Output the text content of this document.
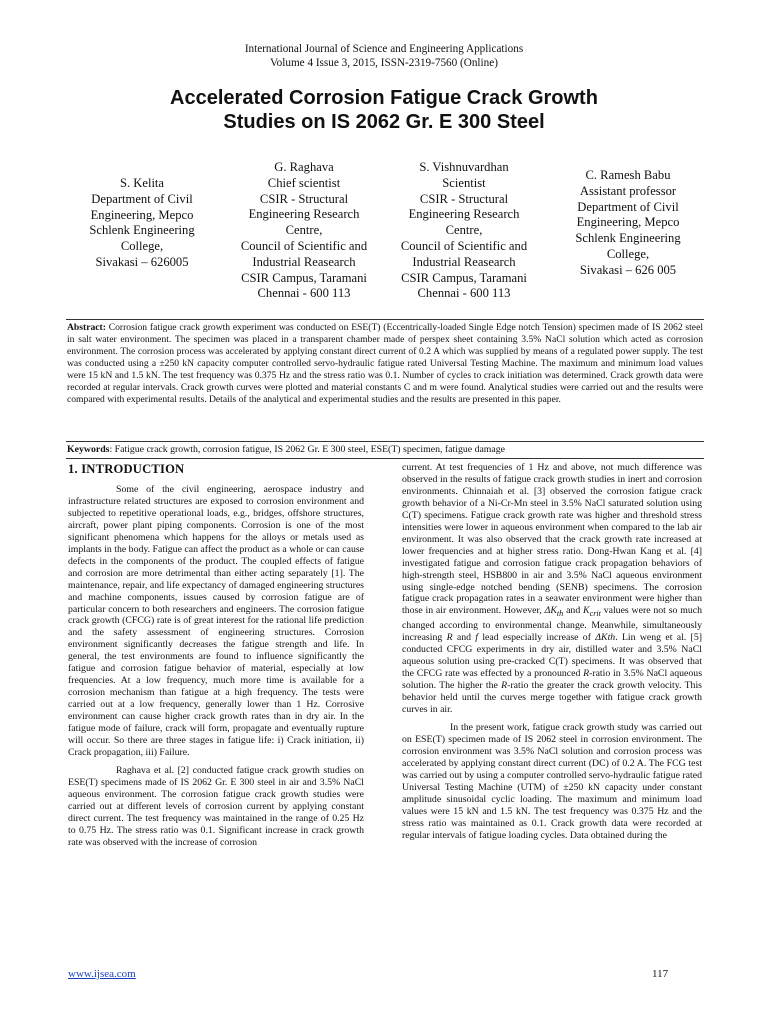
International Journal of Science and Engineering Applications
Volume 4 Issue 3, 2015, ISSN-2319-7560 (Online)
Accelerated Corrosion Fatigue Crack Growth
Studies on IS 2062 Gr. E 300 Steel
S. Kelita
Department of Civil
Engineering, Mepco
Schlenk Engineering
College,
Sivakasi – 626005
G. Raghava
Chief scientist
CSIR - Structural
Engineering Research
Centre,
Council of Scientific and
Industrial Reasearch
CSIR Campus, Taramani
Chennai - 600 113
S. Vishnuvardhan
Scientist
CSIR - Structural
Engineering Research
Centre,
Council of Scientific and
Industrial Reasearch
CSIR Campus, Taramani
Chennai - 600 113
C. Ramesh Babu
Assistant professor
Department of Civil
Engineering, Mepco
Schlenk Engineering
College,
Sivakasi – 626 005
Abstract: Corrosion fatigue crack growth experiment was conducted on ESE(T) (Eccentrically-loaded Single Edge notch Tension) specimen made of IS 2062 steel in salt water environment. The specimen was placed in a transparent chamber made of perspex sheet containing 3.5% NaCl solution which acted as corrosion environment. The corrosion process was accelerated by applying constant direct current of 0.2 A which was supplied by means of a regulated power supply. The test was conducted using a ±250 kN capacity computer controlled servo-hydraulic fatigue rated Universal Testing Machine. The maximum and minimum load values were 15 kN and 1.5 kN. The test frequency was 0.375 Hz and the stress ratio was 0.1. Number of cycles to crack initiation was determined. Crack growth data were recorded at regular intervals. Crack growth curves were plotted and material constants C and m were found. Analytical studies were carried out and the results were compared with experimental results. Details of the analytical and experimental studies and the results are presented in this paper.
Keywords: Fatigue crack growth, corrosion fatigue, IS 2062 Gr. E 300 steel, ESE(T) specimen, fatigue damage
1. INTRODUCTION

Some of the civil engineering, aerospace industry and infrastructure related structures are exposed to corrosion environment and subjected to repetitive operational loads, e.g., bridges, offshore structures, aircraft, power plant piping components. Corrosion is one of the most significant phenomena which happens for the alloys or metals used as implants in the body. Fatigue can affect the product as a whole or can cause defects in the components of the product. The coupled effects of fatigue and corrosion are more detrimental than either acting separately [1]. The maintenance, repair, and life expectancy of damaged engineering structures and machine components, issues caused by corrosion fatigue are of particular concern to both researchers and engineers. The corrosion fatigue crack growth (CFCG) rate is of great interest for the rational life prediction and the safety assessment of engineering structures. Corrosion environment significantly decreases the fatigue strength and life. In general, the test environments are found to influence significantly the fatigue and corrosion fatigue behavior of material, especially at low frequencies. At a low frequency, much more time is available for a corrosion mechanism than fatigue at a high frequency. The tests were carried out at a low frequency, generally lower than 1 Hz. Corrosive environment can cause higher crack growth rates than in dry air. In the fatigue mode of failure, crack will form, propagate and eventually rupture will occur. So there are three stages in fatigue life: i) Crack initiation, ii) Crack propagation, iii) Failure.

Raghava et al. [2] conducted fatigue crack growth studies on ESE(T) specimens made of IS 2062 Gr. E 300 steel in air and 3.5% NaCl aqueous environment. The corrosion fatigue crack growth studies were carried out at different levels of corrosion current by applying constant direct current. The test frequency was maintained in the range of 0.25 Hz to 0.75 Hz. The stress ratio was 0.1. Significant increase in crack growth rate was observed with the increase of corrosion

current. At test frequencies of 1 Hz and above, not much difference was observed in the results of fatigue crack growth studies in inert and corrosion environments. Chinnaiah et al. [3] observed the corrosion fatigue crack growth behavior of a Ni-Cr-Mn steel in 3.5% NaCl saturated solution using C(T) specimens. Fatigue crack growth rate was higher and threshold stress intensities were lower in aqueous environment when compared to the lab air environment. It was also observed that the crack growth rate increased at lower frequencies and at higher stress ratio. Dong-Hwan Kang et al. [4] investigated fatigue and corrosion fatigue crack propagation behaviors of high-strength steel, HSB800 in air and 3.5% NaCl aqueous environment using single-edge notched bending (SENB) specimens. The corrosion fatigue crack propagation rates in a seawater environment were higher than those in air environment. However, $\Delta K_{th}$ and $K_{crit}$ values were not so much changed according to environmental change. Meanwhile, simultaneously increasing R and f lead especially increase of ΔKth. Lin weng et al. [5] conducted CFCG experiments in dry air, distilled water and 3.5% NaCl aqueous solution using pre-cracked C(T) specimens. It was observed that the CFCG rate was effected by a pronounced R-ratio in 3.5% NaCl aqueous solution. The higher the R-ratio the greater the crack growth velocity. This behavior held until the curves merge together with fatigue crack growth curves in air.

In the present work, fatigue crack growth study was carried out on ESE(T) specimen made of IS 2062 steel in corrosion environment. The corrosion environment was 3.5% NaCl solution and corrosion process was accelerated by applying constant direct current (DC) of 0.2 A. The FCG test was carried out by using a computer controlled servo-hydraulic fatigue rated Universal Testing Machine (UTM) of ±250 kN capacity under constant amplitude sinusoidal cyclic loading. The maximum and minimum load values were 15 kN and 1.5 kN. The test frequency was 0.375 Hz and the stress ratio was maintained as 0.1. Crack growth data were recorded at regular intervals of fatigue loading cycles. Data obtained during the

www.ijsea.com	117
